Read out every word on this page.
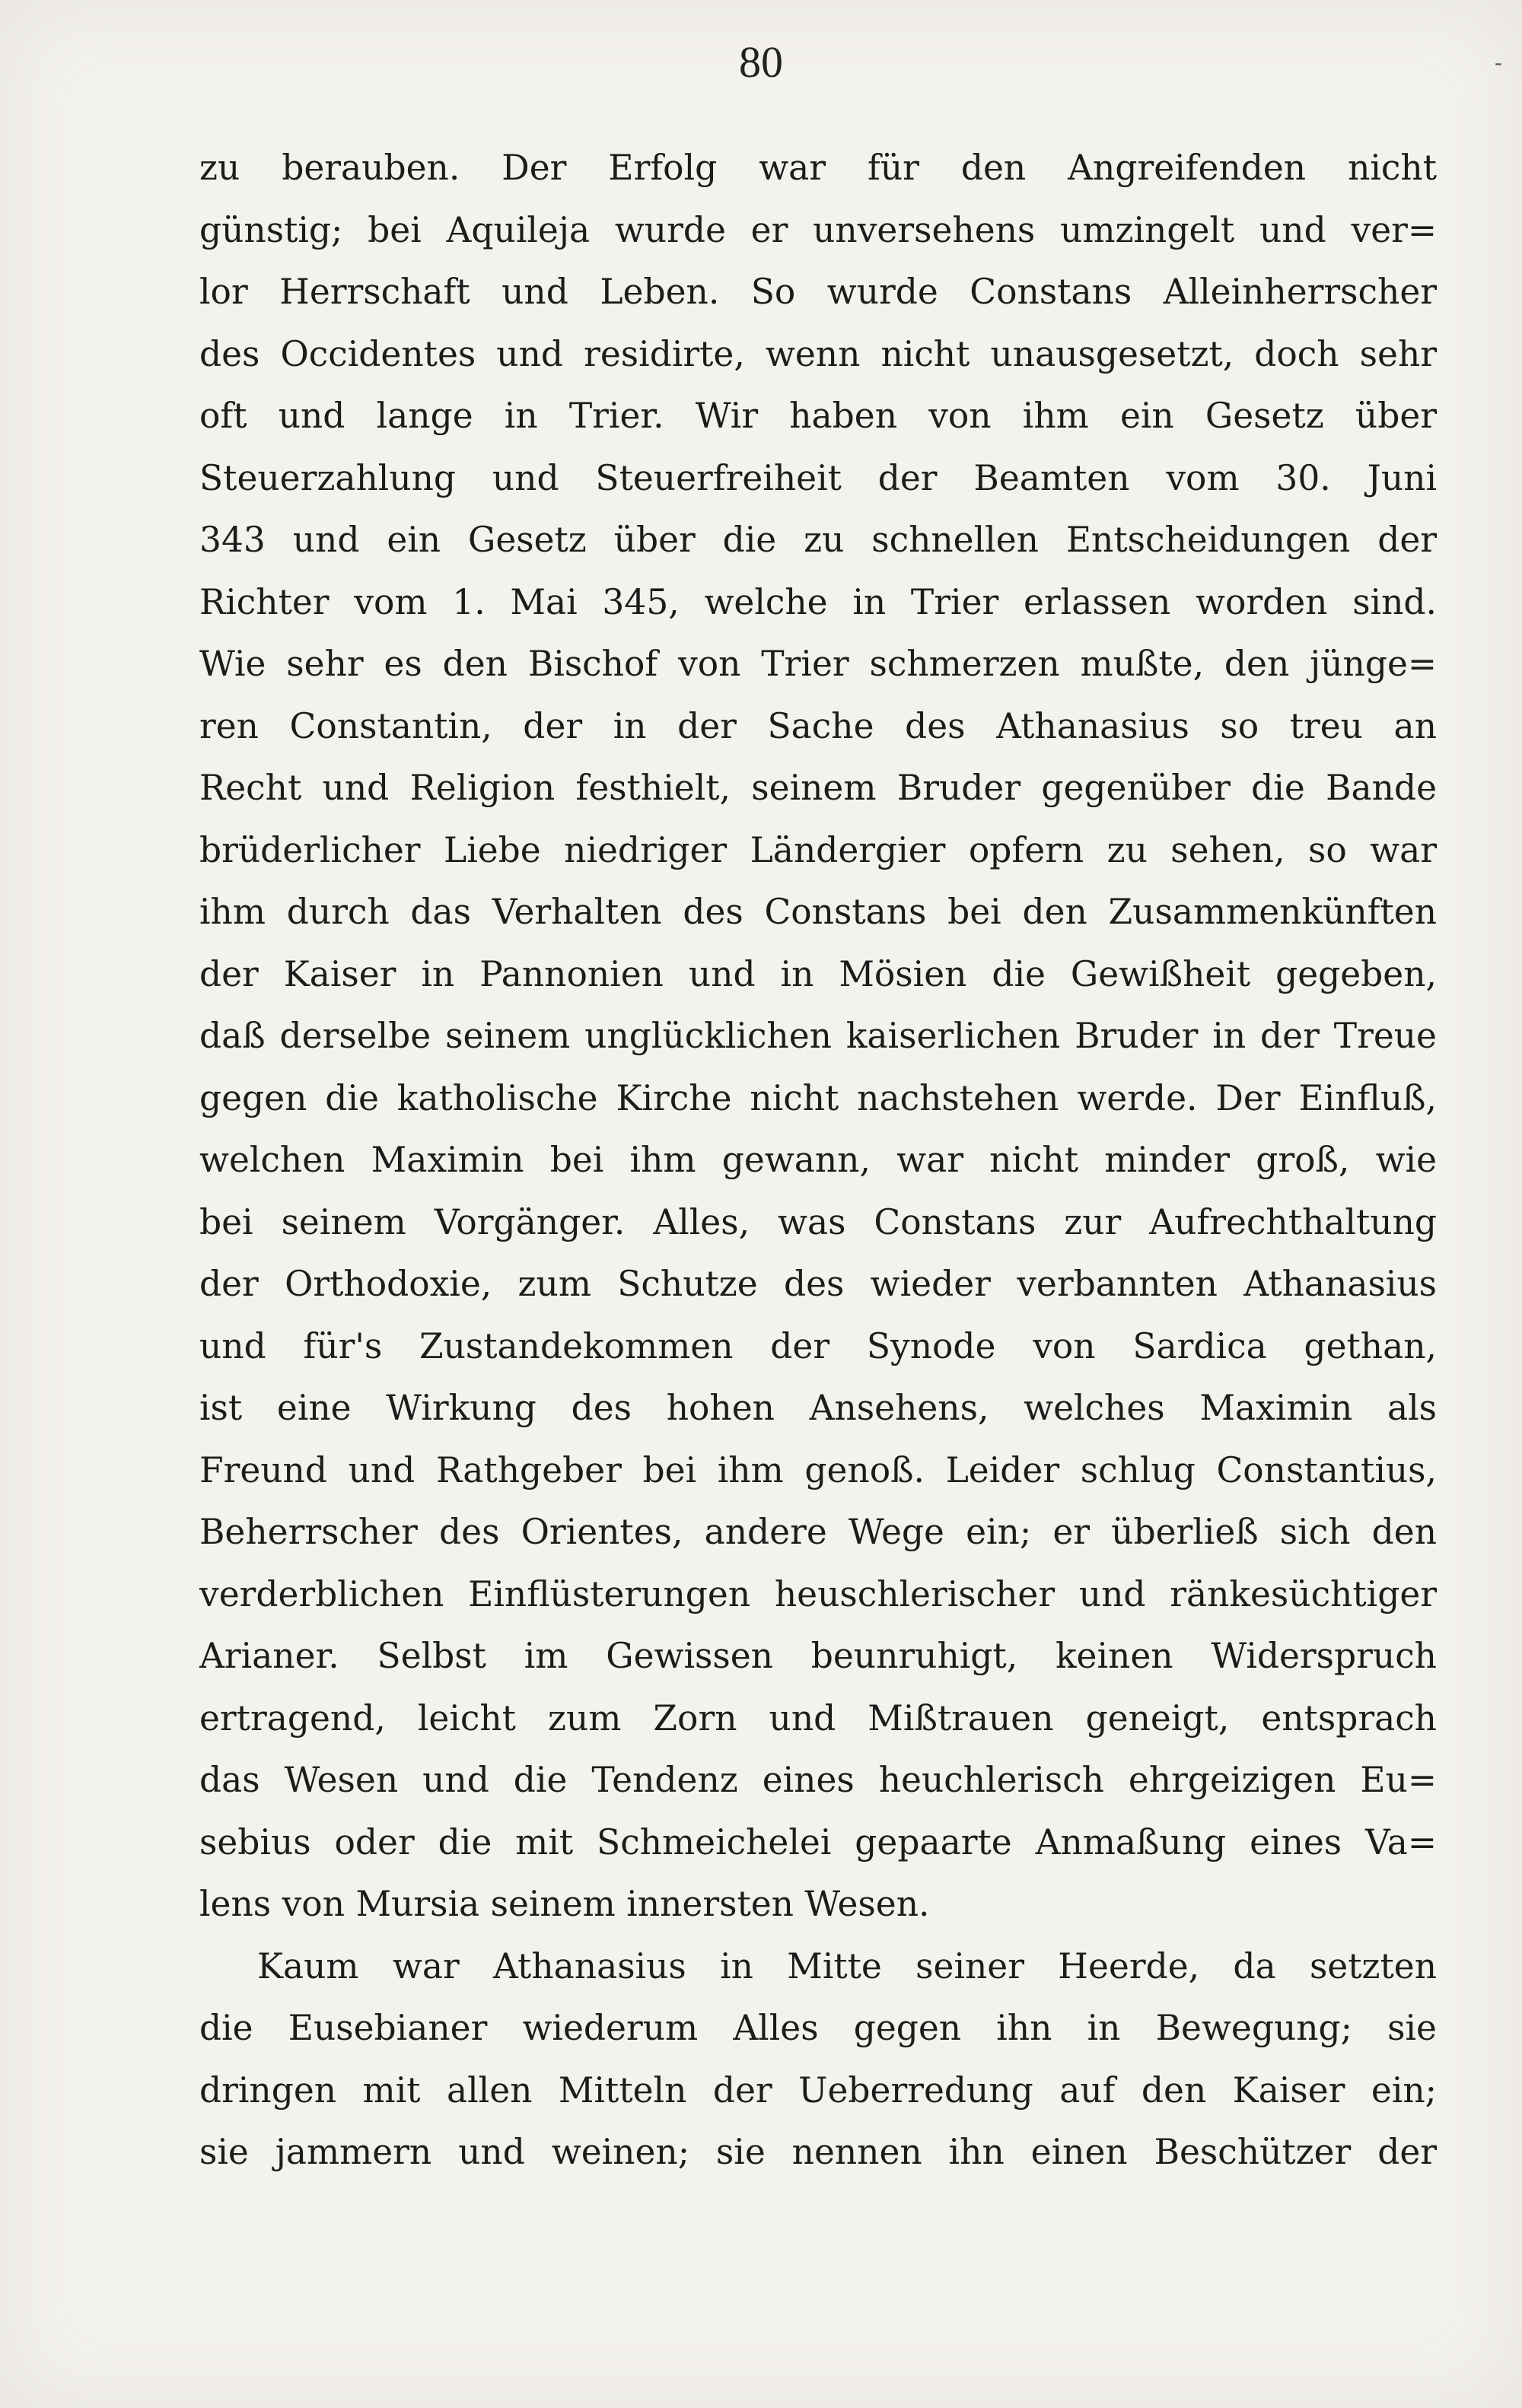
-
80
zu berauben. Der Erfolg war für den Angreifenden nicht
günstig; bei Aquileja wurde er unversehens umzingelt und ver=
lor Herrschaft und Leben. So wurde Constans Alleinherrscher
des Occidentes und residirte, wenn nicht unausgesetzt, doch sehr
oft und lange in Trier. Wir haben von ihm ein Gesetz über
Steuerzahlung und Steuerfreiheit der Beamten vom 30. Juni
343 und ein Gesetz über die zu schnellen Entscheidungen der
Richter vom 1. Mai 345, welche in Trier erlassen worden sind.
Wie sehr es den Bischof von Trier schmerzen mußte, den jünge=
ren Constantin, der in der Sache des Athanasius so treu an
Recht und Religion festhielt, seinem Bruder gegenüber die Bande
brüderlicher Liebe niedriger Ländergier opfern zu sehen, so war
ihm durch das Verhalten des Constans bei den Zusammenkünften
der Kaiser in Pannonien und in Mösien die Gewißheit gegeben,
daß derselbe seinem unglücklichen kaiserlichen Bruder in der Treue
gegen die katholische Kirche nicht nachstehen werde. Der Einfluß,
welchen Maximin bei ihm gewann, war nicht minder groß, wie
bei seinem Vorgänger. Alles, was Constans zur Aufrechthaltung
der Orthodoxie, zum Schutze des wieder verbannten Athanasius
und für's Zustandekommen der Synode von Sardica gethan,
ist eine Wirkung des hohen Ansehens, welches Maximin als
Freund und Rathgeber bei ihm genoß. Leider schlug Constantius,
Beherrscher des Orientes, andere Wege ein; er überließ sich den
verderblichen Einflüsterungen heuschlerischer und ränkesüchtiger
Arianer. Selbst im Gewissen beunruhigt, keinen Widerspruch
ertragend, leicht zum Zorn und Mißtrauen geneigt, entsprach
das Wesen und die Tendenz eines heuchlerisch ehrgeizigen Eu=
sebius oder die mit Schmeichelei gepaarte Anmaßung eines Va=
lens von Mursia seinem innersten Wesen.
Kaum war Athanasius in Mitte seiner Heerde, da setzten
die Eusebianer wiederum Alles gegen ihn in Bewegung; sie
dringen mit allen Mitteln der Ueberredung auf den Kaiser ein;
sie jammern und weinen; sie nennen ihn einen Beschützer der
